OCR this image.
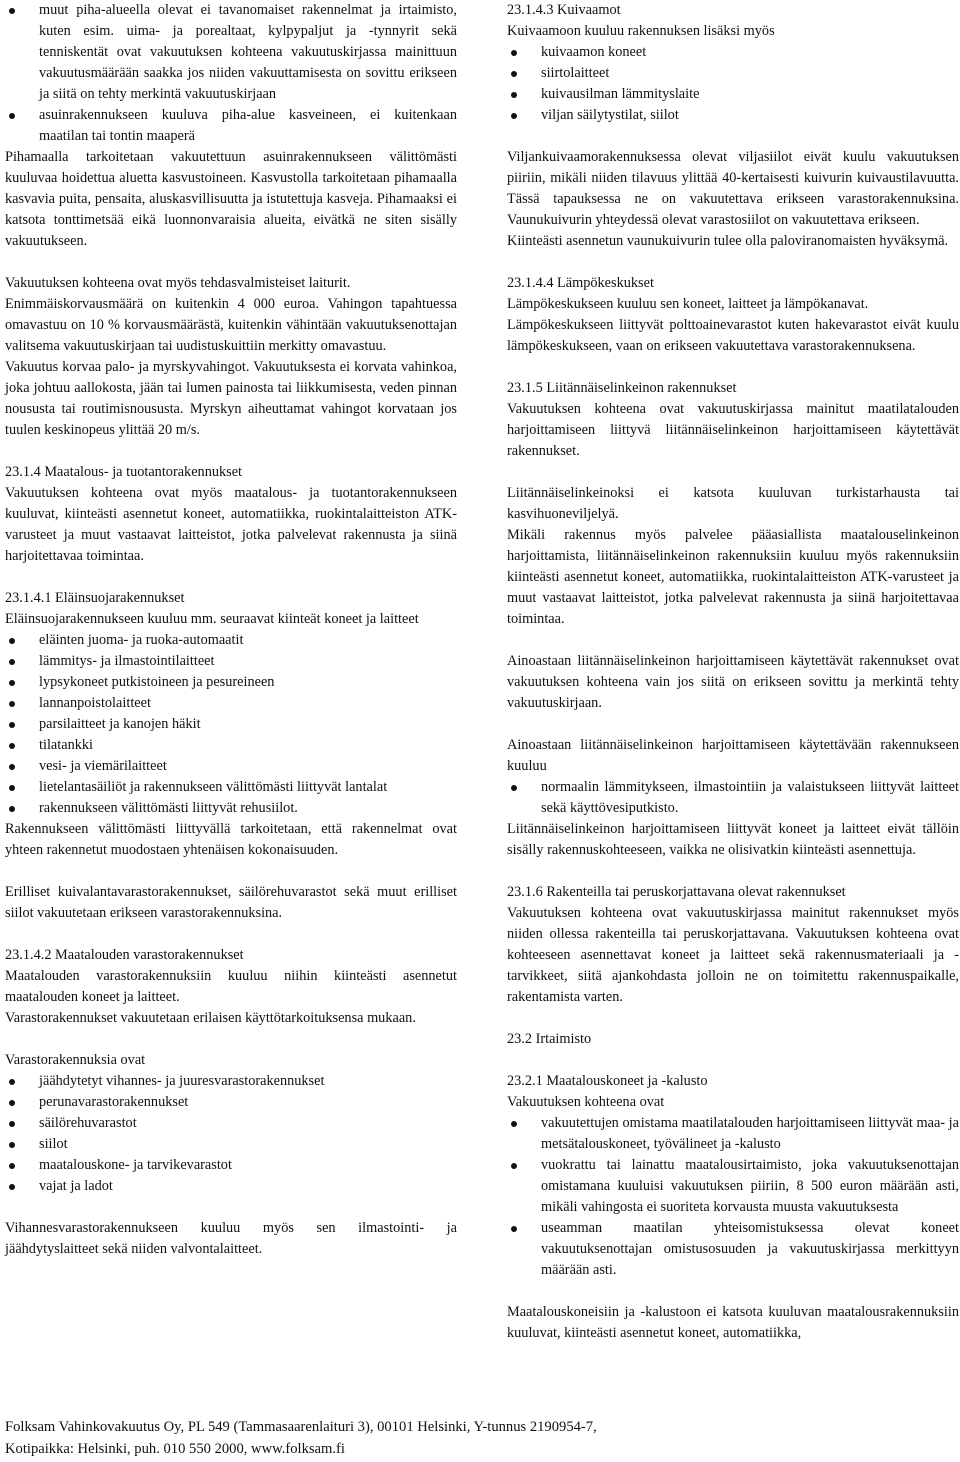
muut piha-alueella olevat ei tavanomaiset rakennelmat ja irtaimisto, kuten esim. uima- ja porealtaat, kylpypaljut ja -tynnyrit sekä tenniskentät ovat vakuutuksen kohteena vakuutuskirjassa mainittuun vakuutusmäärään saakka jos niiden vakuuttamisesta on sovittu erikseen ja siitä on tehty merkintä vakuutuskirjaan
asuinrakennukseen kuuluva piha-alue kasveineen, ei kuitenkaan maatilan tai tontin maaperä

Pihamaalla tarkoitetaan vakuutettuun asuinrakennukseen välittömästi kuuluvaa hoidettua aluetta kasvustoineen. Kasvustolla tarkoitetaan pihamaalla kasvavia puita, pensaita, aluskasvillisuutta ja istutettuja kasveja. Pihamaaksi ei katsota tonttimetsää eikä luonnonvaraisia alueita, eivätkä ne siten sisälly vakuutukseen.

Vakuutuksen kohteena ovat myös tehdasvalmisteiset laiturit.

Enimmäiskorvausmäärä on kuitenkin 4 000 euroa. Vahingon tapahtuessa omavastuu on 10 % korvausmäärästä, kuitenkin vähintään vakuutuksenottajan valitsema vakuutuskirjaan tai uudistuskuittiin merkitty omavastuu.

Vakuutus korvaa palo- ja myrskyvahingot. Vakuutuksesta ei korvata vahinkoa, joka johtuu aallokosta, jään tai lumen painosta tai liikkumisesta, veden pinnan noususta tai routimisnoususta. Myrskyn aiheuttamat vahingot korvataan jos tuulen keskinopeus ylittää 20 m/s.

23.1.4 Maatalous- ja tuotantorakennukset

Vakuutuksen kohteena ovat myös maatalous- ja tuotantorakennukseen kuuluvat, kiinteästi asennetut koneet, automatiikka, ruokintalaitteiston ATK-varusteet ja muut vastaavat laitteistot, jotka palvelevat rakennusta ja siinä harjoitettavaa toimintaa.

23.1.4.1 Eläinsuojarakennukset

Eläinsuojarakennukseen kuuluu mm. seuraavat kiinteät koneet ja laitteet

eläinten juoma- ja ruoka-automaatit
lämmitys- ja ilmastointilaitteet
lypsykoneet putkistoineen ja pesureineen
lannanpoistolaitteet
parsilaitteet ja kanojen häkit
tilatankki
vesi- ja viemärilaitteet
lietelantasäiliöt ja rakennukseen välittömästi liittyvät lantalat
rakennukseen välittömästi liittyvät rehusiilot.

Rakennukseen välittömästi liittyvällä tarkoitetaan, että rakennelmat ovat yhteen rakennetut muodostaen yhtenäisen kokonaisuuden.

Erilliset kuivalantavarastorakennukset, säilörehuvarastot sekä muut erilliset siilot vakuutetaan erikseen varastorakennuksina.

23.1.4.2 Maatalouden varastorakennukset

Maatalouden varastorakennuksiin kuuluu niihin kiinteästi asennetut maatalouden koneet ja laitteet.

Varastorakennukset vakuutetaan erilaisen käyttötarkoituksensa mukaan.

Varastorakennuksia ovat

jäähdytetyt vihannes- ja juuresvarastorakennukset
perunavarastorakennukset
säilörehuvarastot
siilot
maatalouskone- ja tarvikevarastot
vajat ja ladot

Vihannesvarastorakennukseen kuuluu myös sen ilmastointi- ja jäähdytyslaitteet sekä niiden valvontalaitteet.

23.1.4.3 Kuivaamot

Kuivaamoon kuuluu rakennuksen lisäksi myös

kuivaamon koneet
siirtolaitteet
kuivausilman lämmityslaite
viljan säilytystilat, siilot

Viljankuivaamorakennuksessa olevat viljasiilot eivät kuulu vakuutuksen piiriin, mikäli niiden tilavuus ylittää 40-kertaisesti kuivurin kuivaustilavuutta. Tässä tapauksessa ne on vakuutettava erikseen varastorakennuksina. Vaunukuivurin yhteydessä olevat varastosiilot on vakuutettava erikseen.

Kiinteästi asennetun vaunukuivurin tulee olla paloviranomaisten hyväksymä.

23.1.4.4 Lämpökeskukset

Lämpökeskukseen kuuluu sen koneet, laitteet ja lämpökanavat.

Lämpökeskukseen liittyvät polttoainevarastot kuten hakevarastot eivät kuulu lämpökeskukseen, vaan on erikseen vakuutettava varastorakennuksena.

23.1.5 Liitännäiselinkeinon rakennukset

Vakuutuksen kohteena ovat vakuutuskirjassa mainitut maatilatalouden harjoittamiseen liittyvä liitännäiselinkeinon harjoittamiseen käytettävät rakennukset.

Liitännäiselinkeinoksi ei katsota kuuluvan turkistarhausta tai kasvihuoneviljelyä.

Mikäli rakennus myös palvelee pääasiallista maatalouselinkeinon harjoittamista, liitännäiselinkeinon rakennuksiin kuuluu myös rakennuksiin kiinteästi asennetut koneet, automatiikka, ruokintalaitteiston ATK-varusteet ja muut vastaavat laitteistot, jotka palvelevat rakennusta ja siinä harjoitettavaa toimintaa.

Ainoastaan liitännäiselinkeinon harjoittamiseen käytettävät rakennukset ovat vakuutuksen kohteena vain jos siitä on erikseen sovittu ja merkintä tehty vakuutuskirjaan.

Ainoastaan liitännäiselinkeinon harjoittamiseen käytettävään rakennukseen kuuluu

normaalin lämmitykseen, ilmastointiin ja valaistukseen liittyvät laitteet sekä käyttövesiputkisto.

Liitännäiselinkeinon harjoittamiseen liittyvät koneet ja laitteet eivät tällöin sisälly rakennuskohteeseen, vaikka ne olisivatkin kiinteästi asennettuja.

23.1.6 Rakenteilla tai peruskorjattavana olevat rakennukset

Vakuutuksen kohteena ovat vakuutuskirjassa mainitut rakennukset myös niiden ollessa rakenteilla tai peruskorjattavana. Vakuutuksen kohteena ovat kohteeseen asennettavat koneet ja laitteet sekä rakennusmateriaali ja -tarvikkeet, siitä ajankohdasta jolloin ne on toimitettu rakennuspaikalle, rakentamista varten.

23.2 Irtaimisto

23.2.1 Maatalouskoneet ja -kalusto

Vakuutuksen kohteena ovat

vakuutettujen omistama maatilatalouden harjoittamiseen liittyvät maa- ja metsätalouskoneet, työvälineet ja -kalusto
vuokrattu tai lainattu maatalousirtaimisto, joka vakuutuksenottajan omistamana kuuluisi vakuutuksen piiriin, 8 500 euron määrään asti, mikäli vahingosta ei suoriteta korvausta muusta vakuutuksesta
useamman maatilan yhteisomistuksessa olevat koneet vakuutuksenottajan omistusosuuden ja vakuutuskirjassa merkittyyn määrään asti.

Maatalouskoneisiin ja -kalustoon ei katsota kuuluvan maatalousrakennuksiin kuuluvat, kiinteästi asennetut koneet, automatiikka,

Folksam Vahinkovakuutus Oy, PL 549 (Tammasaarenlaituri 3), 00101 Helsinki, Y-tunnus 2190954-7,

Kotipaikka: Helsinki, puh. 010 550 2000, www.folksam.fi
